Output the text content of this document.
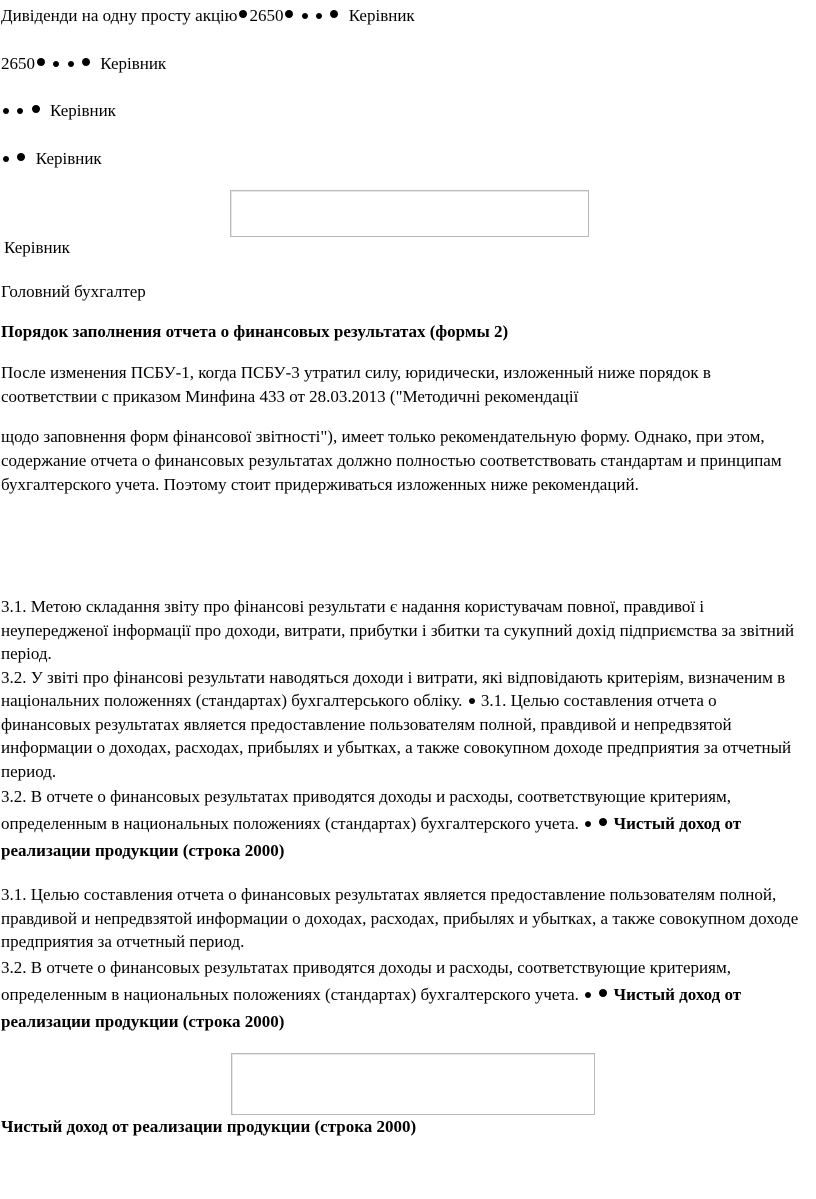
Дивіденди на одну просту акцію 2650	Керівник
2650	Керівник
Керівник
Керівник
Керівник
Головний бухгалтер
Порядок заполнения отчета о финансовых результатах (формы 2)
После изменения ПСБУ-1, когда ПСБУ-3 утратил силу, юридически, изложенный ниже порядок в соответствии с приказом Минфина 433 от 28.03.2013 ("Методичні рекомендації
щодо заповнення форм фінансової звітності"), имеет только рекомендательную форму. Однако, при этом, содержание отчета о финансовых результатах должно полностью соответствовать стандартам и принципам бухгалтерского учета. Поэтому стоит придерживаться изложенных ниже рекомендаций.
3.1. Метою складання звіту про фінансові результати є надання користувачам повної, правдивої і неупередженої інформації про доходи, витрати, прибутки і збитки та сукупний дохід підприємства за звітний період.
3.2. У звіті про фінансові результати наводяться доходи і витрати, які відповідають критеріям, визначеним в національних положеннях (стандартах) бухгалтерського обліку. 3.1. Целью составления отчета о финансовых результатах является предоставление пользователям полной, правдивой и непредвзятой информации о доходах, расходах, прибылях и убытках, а также совокупном доходе предприятия за отчетный период.
3.2. В отчете о финансовых результатах приводятся доходы и расходы, соответствующие критериям, определенным в национальных положениях (стандартах) бухгалтерского учета. Чистый доход от реализации продукции (строка 2000)
3.1. Целью составления отчета о финансовых результатах является предоставление пользователям полной, правдивой и непредвзятой информации о доходах, расходах, прибылях и убытках, а также совокупном доходе предприятия за отчетный период.
3.2. В отчете о финансовых результатах приводятся доходы и расходы, соответствующие критериям, определенным в национальных положениях (стандартах) бухгалтерского учета. Чистый доход от реализации продукции (строка 2000)
Чистый доход от реализации продукции (строка 2000)
